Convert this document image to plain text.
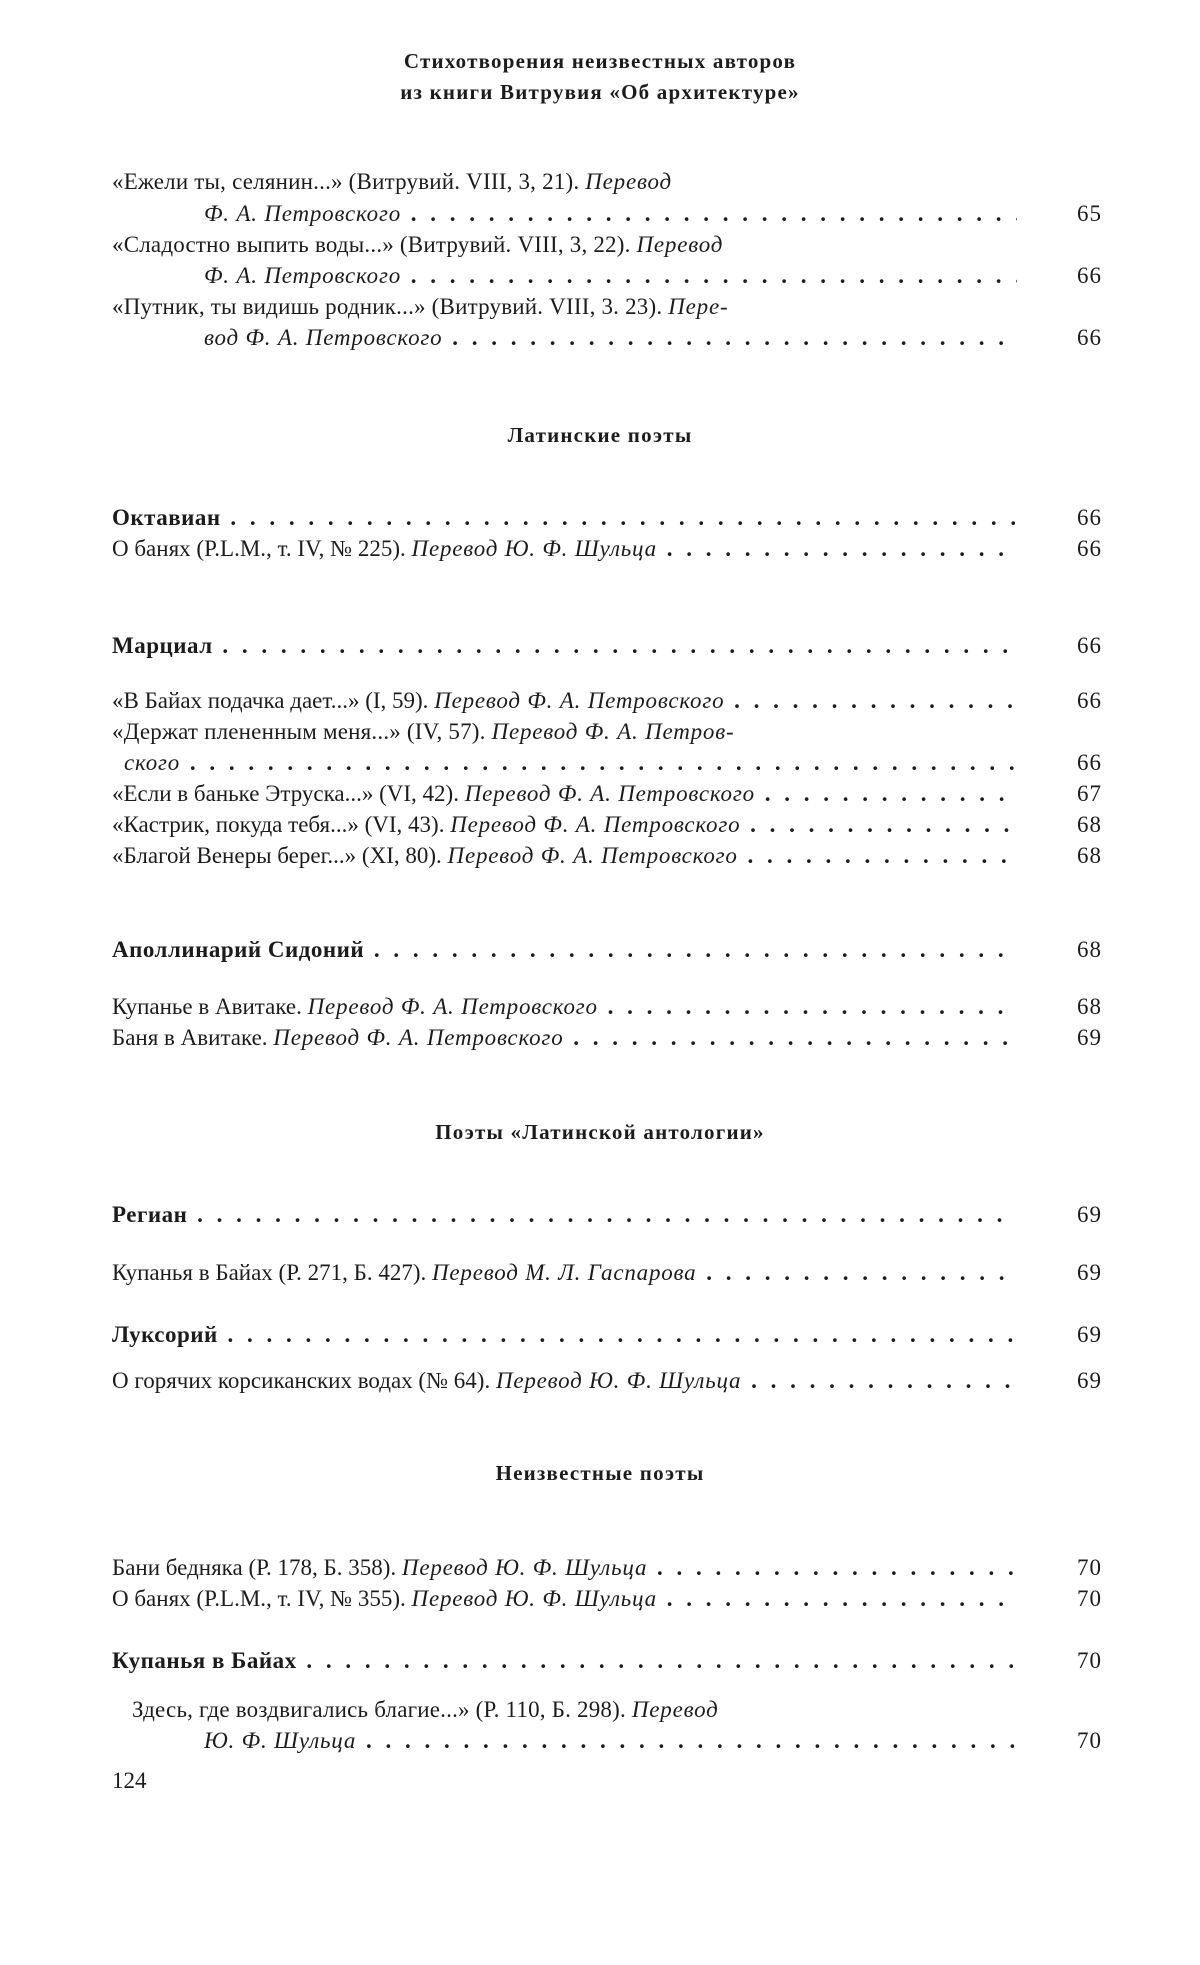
Стихотворения неизвестных авторов
из книги Витрувия «Об архитектуре»
«Ежели ты, селянин...» (Витрувий. VIII, 3, 21). Перевод
Ф. А. Петровского . . .	65
«Сладостно выпить воды...» (Витрувий. VIII, 3, 22). Перевод
Ф. А. Петровского . . .	66
«Путник, ты видишь родник...» (Витрувий. VIII, 3. 23). Пере-
вод Ф. А. Петровского . . .	66
Латинские поэты
Октавиан . . .	66
О банях (P.L.M., т. IV, № 225). Перевод Ю. Ф. Шульца . . .	66
Марциал . . .	66
«В Байах подачка дает...» (I, 59). Перевод Ф. А. Петровского . . .	66
«Держат плененным меня...» (IV, 57). Перевод Ф. А. Петров-
ского . . .	66
«Если в баньке Этруска...» (VI, 42). Перевод Ф. А. Петровского . . .	67
«Кастрик, покуда тебя...» (VI, 43). Перевод Ф. А. Петровского . . .	68
«Благой Венеры берег...» (XI, 80). Перевод Ф. А. Петровского . . .	68
Аполлинарий Сидоний . . .	68
Купанье в Авитаке. Перевод Ф. А. Петровского . . .	68
Баня в Авитаке. Перевод Ф. А. Петровского . . .	69
Поэты «Латинской антологии»
Региан . . .	69
Купанья в Байах (Р. 271, Б. 427). Перевод М. Л. Гаспарова . . .	69
Луксорий . . .	69
О горячих корсиканских водах (№ 64). Перевод Ю. Ф. Шульца . . .	69
Неизвестные поэты
Бани бедняка (Р. 178, Б. 358). Перевод Ю. Ф. Шульца . . .	70
О банях (P.L.M., т. IV, № 355). Перевод Ю. Ф. Шульца . . .	70
Купанья в Байах . . .	70
Здесь, где воздвигались благие...» (Р. 110, Б. 298). Перевод
Ю. Ф. Шульца . . .	70
124
